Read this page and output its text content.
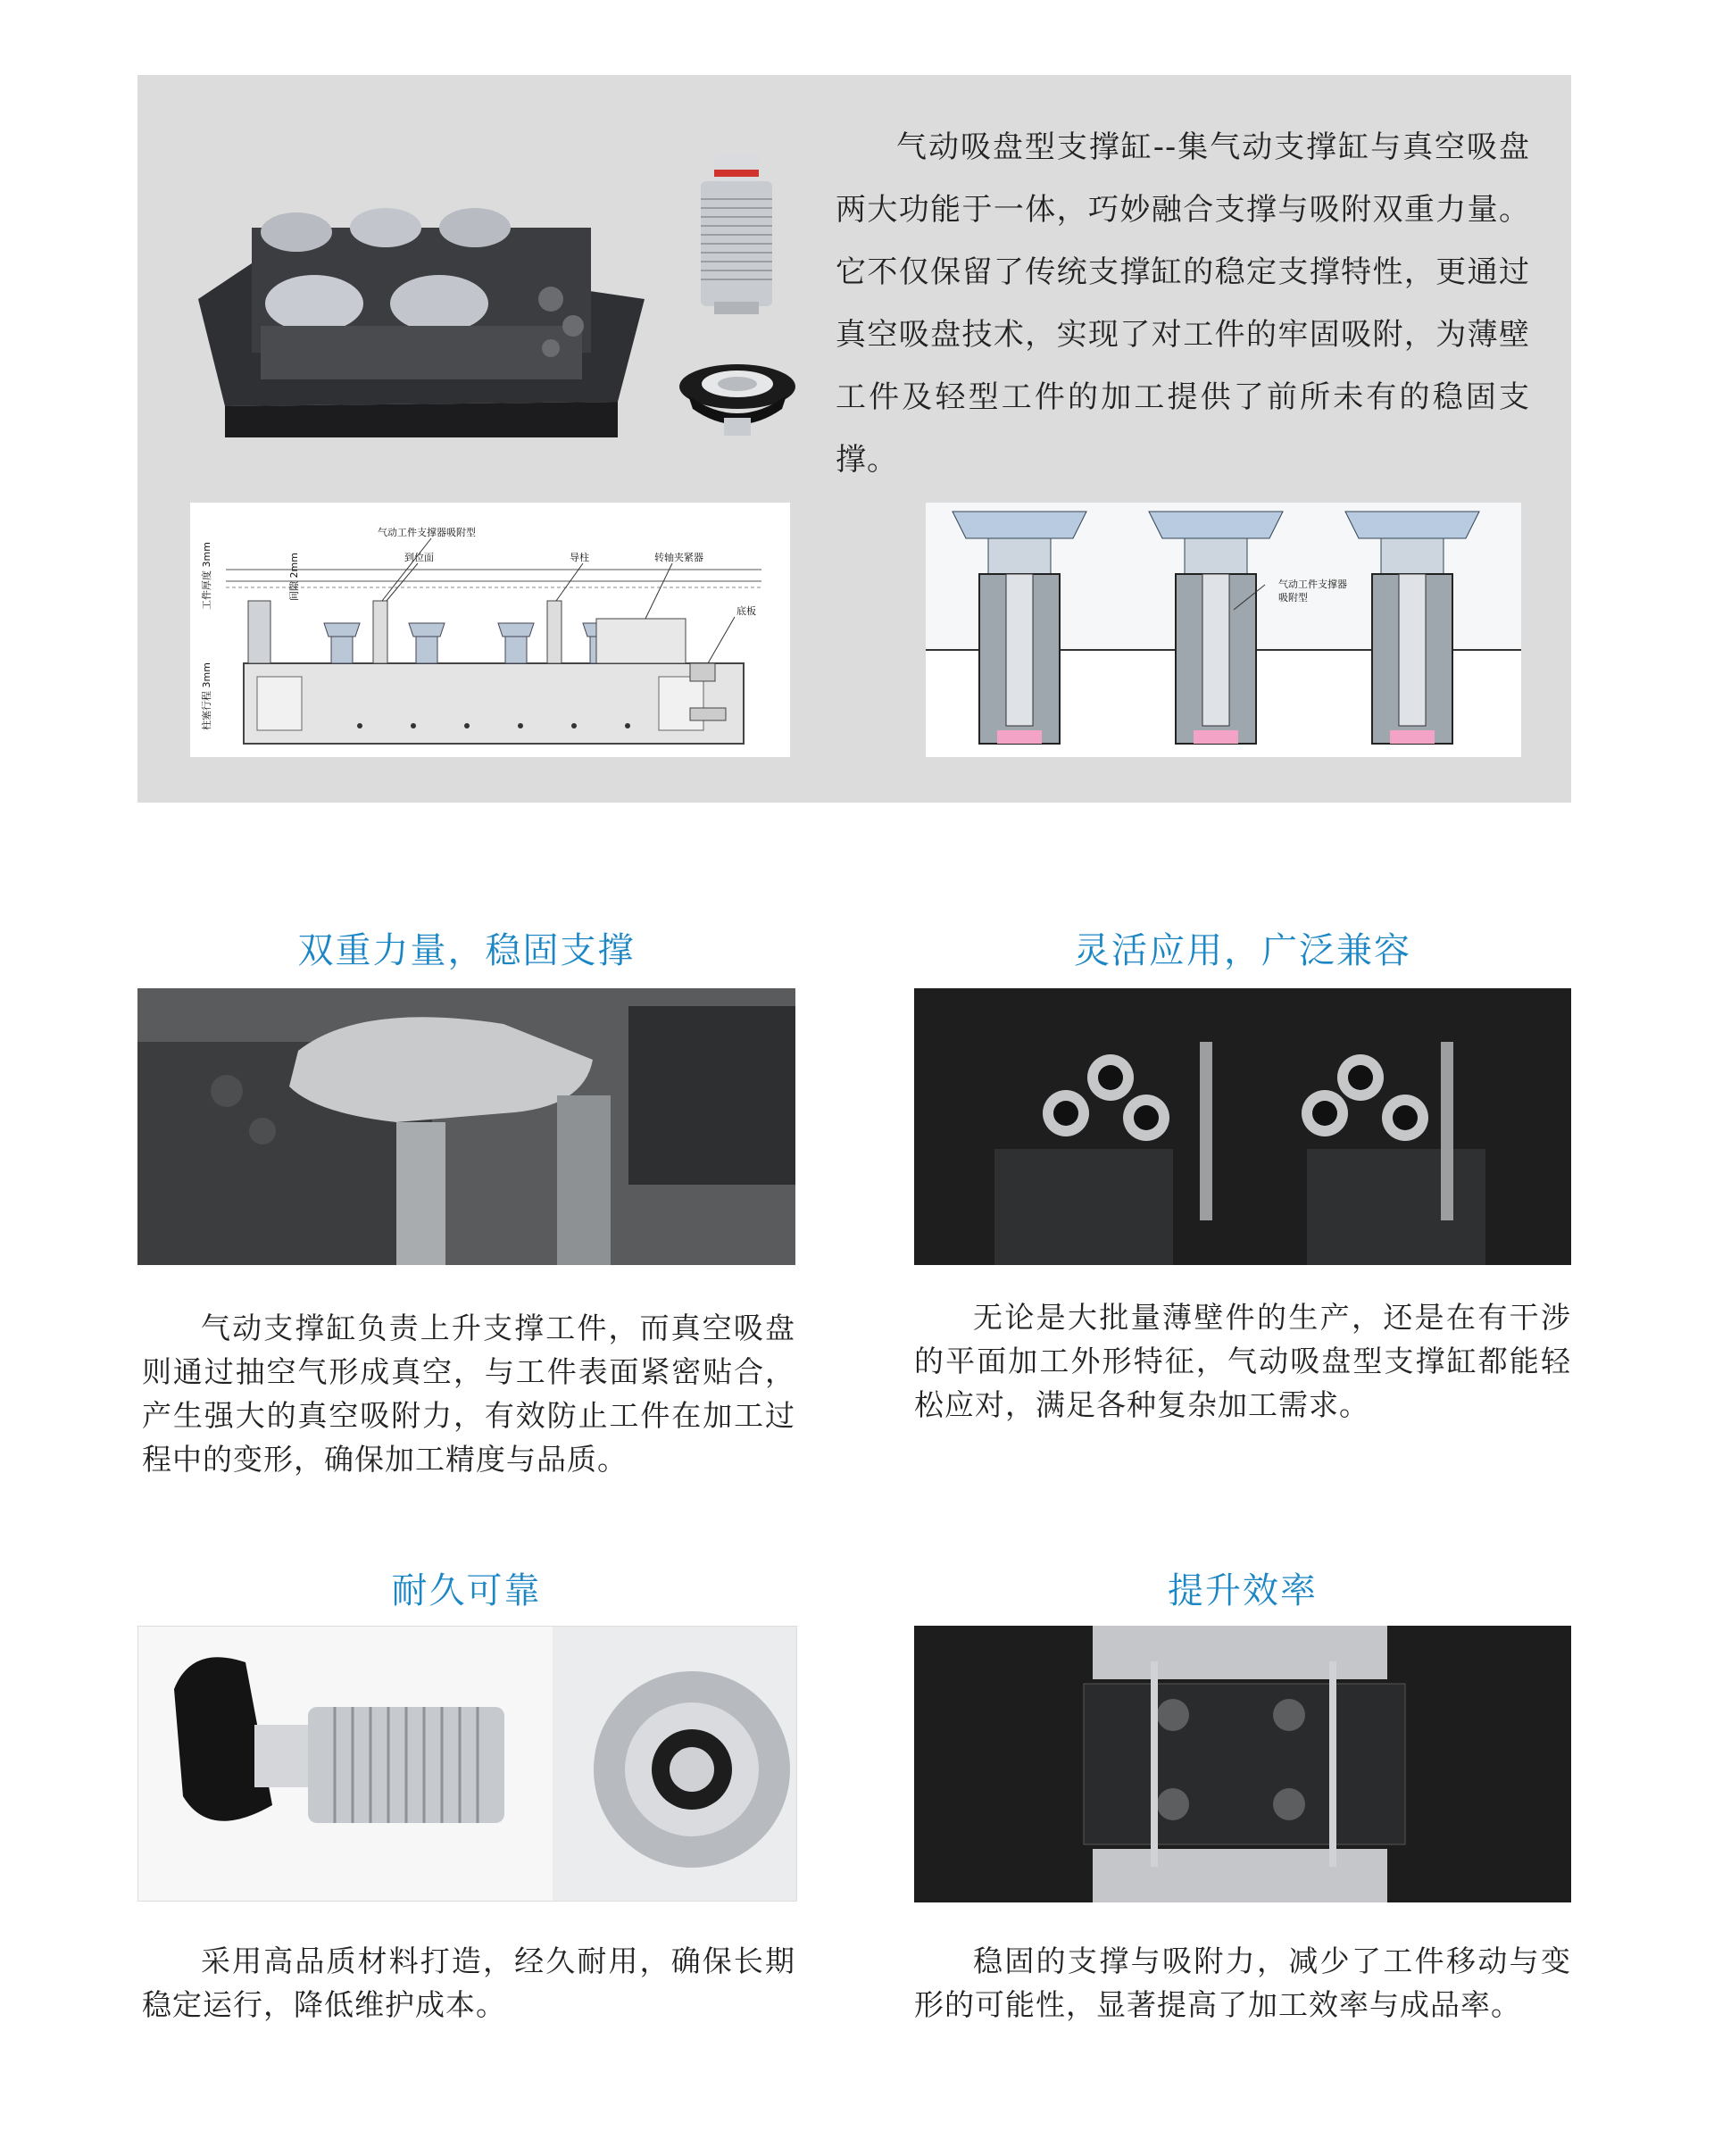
气动吸盘型支撑缸--集气动支撑缸与真空吸盘两大功能于一体，巧妙融合支撑与吸附双重力量。它不仅保留了传统支撑缸的稳定支撑特性，更通过真空吸盘技术，实现了对工件的牢固吸附，为薄壁工件及轻型工件的加工提供了前所未有的稳固支撑。
气动工件支撑器吸附型
到位面	导柱	转轴夹紧器
底板
工件厚度 3mm	间隙 2mm
柱塞行程 3mm
气动工件支撑器
吸附型
双重力量，稳固支撑
气动支撑缸负责上升支撑工件，而真空吸盘则通过抽空气形成真空，与工件表面紧密贴合，产生强大的真空吸附力，有效防止工件在加工过程中的变形，确保加工精度与品质。
灵活应用，广泛兼容
无论是大批量薄壁件的生产，还是在有干涉的平面加工外形特征，气动吸盘型支撑缸都能轻松应对，满足各种复杂加工需求。
耐久可靠
采用高品质材料打造，经久耐用，确保长期稳定运行，降低维护成本。
提升效率
稳固的支撑与吸附力，减少了工件移动与变形的可能性，显著提高了加工效率与成品率。
